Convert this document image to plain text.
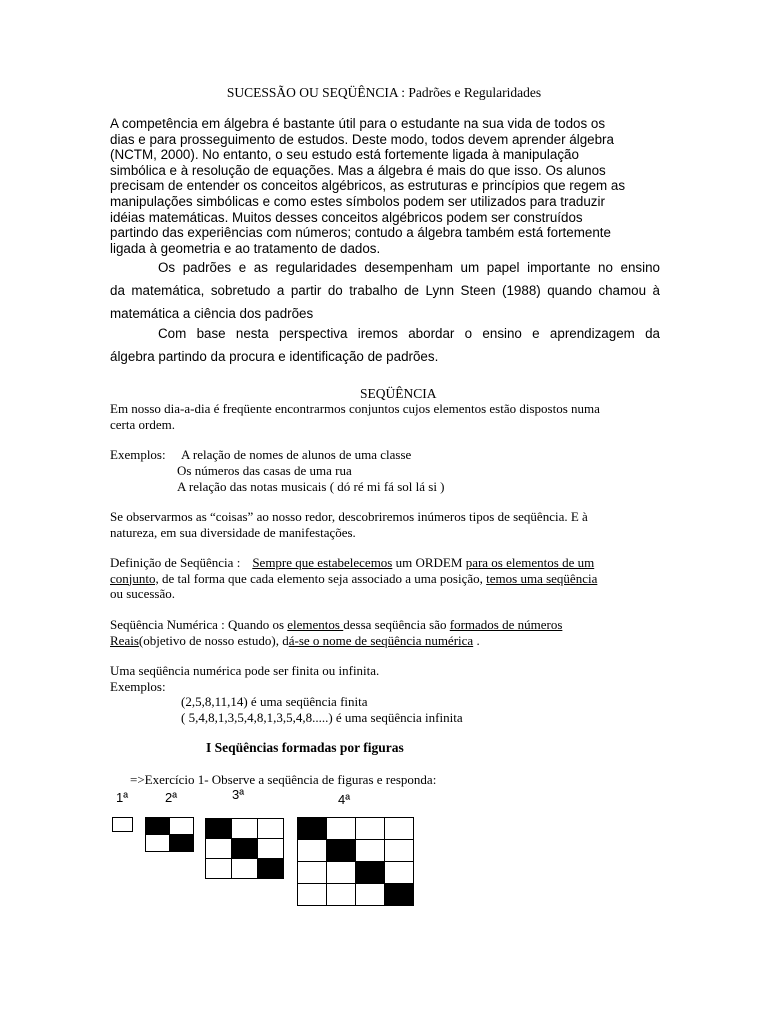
SUCESSÃO OU SEQÜÊNCIA : Padrões e Regularidades
A competência em álgebra é bastante útil para o estudante na sua vida de todos os
dias e para prosseguimento de estudos. Deste modo, todos devem aprender álgebra
(NCTM, 2000). No entanto, o seu estudo está fortemente ligada à manipulação
simbólica e à resolução de equações. Mas a álgebra é mais do que isso. Os alunos
precisam de entender os conceitos algébricos, as estruturas e princípios que regem as
manipulações simbólicas e como estes símbolos podem ser utilizados para traduzir
idéias matemáticas. Muitos desses conceitos algébricos podem ser construídos
partindo das experiências com números; contudo a álgebra também está fortemente
ligada à geometria e ao tratamento de dados.
Os padrões e as regularidades desempenham um papel importante no ensino
da matemática, sobretudo a partir do trabalho de Lynn Steen (1988) quando chamou à
matemática a ciência dos padrões
Com base nesta perspectiva iremos abordar o ensino e aprendizagem da
álgebra partindo da procura e identificação de padrões.
SEQÜÊNCIA
Em nosso dia-a-dia é freqüente encontrarmos conjuntos cujos elementos estão dispostos numa
certa ordem.
Exemplos: A relação de nomes de alunos de uma classe
Os números das casas de uma rua
A relação das notas musicais ( dó ré mi fá sol lá si )
Se observarmos as “coisas” ao nosso redor, descobriremos inúmeros tipos de seqüência. E à
natureza, em sua diversidade de manifestações.
Definição de Seqüência : Sempre que estabelecemos um ORDEM para os elementos de um
conjunto, de tal forma que cada elemento seja associado a uma posição, temos uma seqüência
ou sucessão.
Seqüência Numérica : Quando os elementos dessa seqüência são formados de números
Reais(objetivo de nosso estudo), dá-se o nome de seqüência numérica .
Uma seqüência numérica pode ser finita ou infinita.
Exemplos:
(2,5,8,11,14) é uma seqüência finita
( 5,4,8,1,3,5,4,8,1,3,5,4,8.....) é uma seqüência infinita
I Seqüências formadas por figuras
=>Exercício 1- Observe a seqüência de figuras e responda:
1ª	2ª	3ª	4ª
